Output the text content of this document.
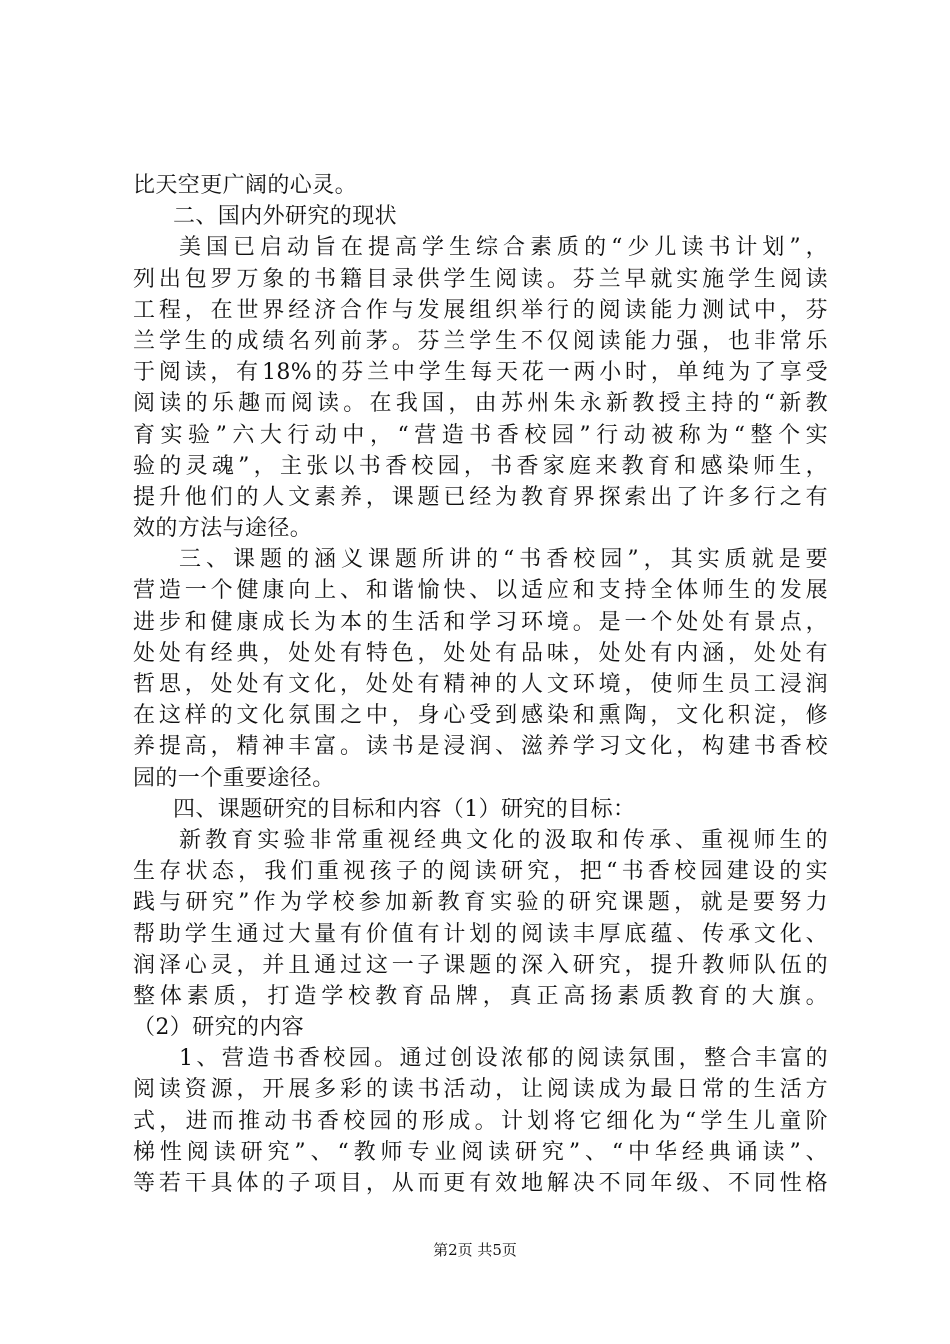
比天空更广阔的心灵。
二、国内外研究的现状
美国已启动旨在提高学生综合素质的“少儿读书计划”，
列出包罗万象的书籍目录供学生阅读。芬兰早就实施学生阅读
工程，在世界经济合作与发展组织举行的阅读能力测试中，芬
兰学生的成绩名列前茅。芬兰学生不仅阅读能力强，也非常乐
于阅读，有18%的芬兰中学生每天花一两小时，单纯为了享受
阅读的乐趣而阅读。在我国，由苏州朱永新教授主持的“新教
育实验”六大行动中，“营造书香校园”行动被称为“整个实
验的灵魂”，主张以书香校园，书香家庭来教育和感染师生，
提升他们的人文素养，课题已经为教育界探索出了许多行之有
效的方法与途径。
三、课题的涵义课题所讲的“书香校园”，其实质就是要
营造一个健康向上、和谐愉快、以适应和支持全体师生的发展
进步和健康成长为本的生活和学习环境。是一个处处有景点，
处处有经典，处处有特色，处处有品味，处处有内涵，处处有
哲思，处处有文化，处处有精神的人文环境，使师生员工浸润
在这样的文化氛围之中，身心受到感染和熏陶，文化积淀，修
养提高，精神丰富。读书是浸润、滋养学习文化，构建书香校
园的一个重要途径。
四、课题研究的目标和内容（1）研究的目标：
新教育实验非常重视经典文化的汲取和传承、重视师生的
生存状态，我们重视孩子的阅读研究，把“书香校园建设的实
践与研究”作为学校参加新教育实验的研究课题，就是要努力
帮助学生通过大量有价值有计划的阅读丰厚底蕴、传承文化、
润泽心灵，并且通过这一子课题的深入研究，提升教师队伍的
整体素质，打造学校教育品牌，真正高扬素质教育的大旗。
（2）研究的内容
1、营造书香校园。通过创设浓郁的阅读氛围，整合丰富的
阅读资源，开展多彩的读书活动，让阅读成为最日常的生活方
式，进而推动书香校园的形成。计划将它细化为“学生儿童阶
梯性阅读研究”、“教师专业阅读研究”、“中华经典诵读”、
等若干具体的子项目，从而更有效地解决不同年级、不同性格
第2页 共5页
